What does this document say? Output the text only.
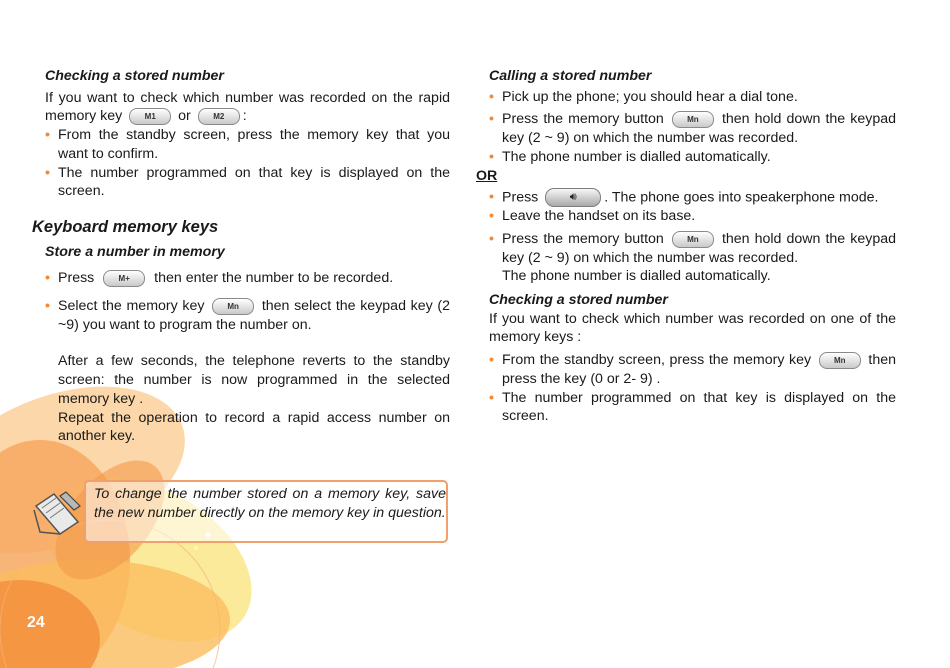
Checking a stored number

If you want to check which number was recorded on the rapid memory key	M1 or	M2 :

• From the standby screen, press the memory key that you want to confirm.
• The number programmed on that key is displayed on the screen.

Keyboard memory keys

Store a number in memory

• Press	M+ then enter the number to be recorded.
• Select the memory key	Mn then select the keypad key (2 ~9) you want to program the number on.

After a few seconds, the telephone reverts to the standby screen: the number is now programmed in the selected memory key .

Repeat the operation to record a rapid access number on another key.

To change the number stored on a memory key, save the new number directly on the memory key in question.

Calling a stored number

• Pick up the phone; you should hear a dial tone.
• Press the memory button	Mn then hold down the keypad key (2 ~ 9) on which the number was recorded.
• The phone number is dialled automatically.

OR

• Press	🔊︎ . The phone goes into speakerphone mode.
• Leave the handset on its base.
• Press the memory button	Mn then hold down the keypad key (2 ~ 9) on which the number was recorded.

The phone number is dialled automatically.

Checking a stored number

If you want to check which number was recorded on one of the memory keys :

• From the standby screen, press the memory key	Mn then press the key (0 or 2- 9) .
• The number programmed on that key is displayed on the screen.
24
